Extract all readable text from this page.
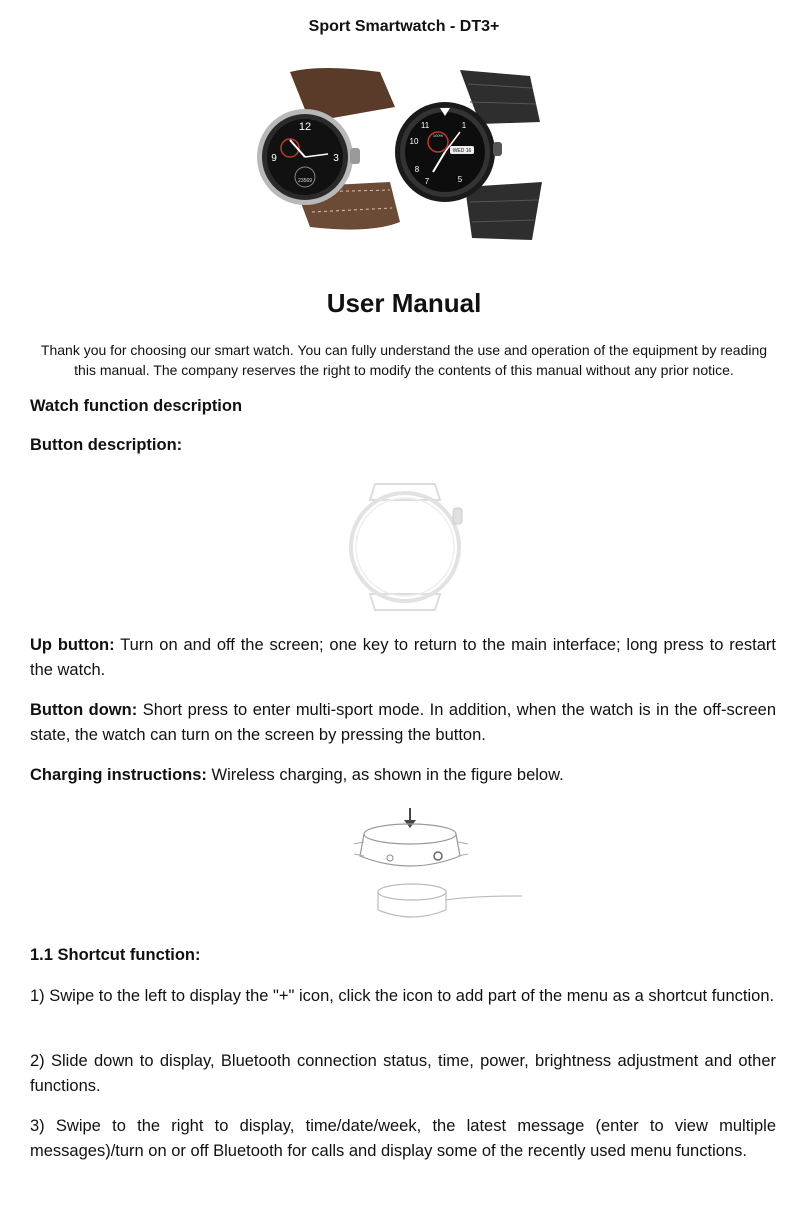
Sport Smartwatch - DT3+
12
9	3
23569
11	1
10
8
7	5
100%
WED 16
User Manual
Thank you for choosing our smart watch. You can fully understand the use and operation of the equipment by reading this manual. The company reserves the right to modify the contents of this manual without any prior notice.
Watch function description
Button description:
Up button: Turn on and off the screen; one key to return to the main interface; long press to restart the watch.
Button down: Short press to enter multi-sport mode. In addition, when the watch is in the off-screen state, the watch can turn on the screen by pressing the button.
Charging instructions: Wireless charging, as shown in the figure below.
1.1 Shortcut function:
1) Swipe to the left to display the "+" icon, click the icon to add part of the menu as a shortcut function.
2) Slide down to display, Bluetooth connection status, time, power, brightness adjustment and other functions.
3) Swipe to the right to display, time/date/week, the latest message (enter to view multiple messages)/turn on or off Bluetooth for calls and display some of the recently used menu functions.
